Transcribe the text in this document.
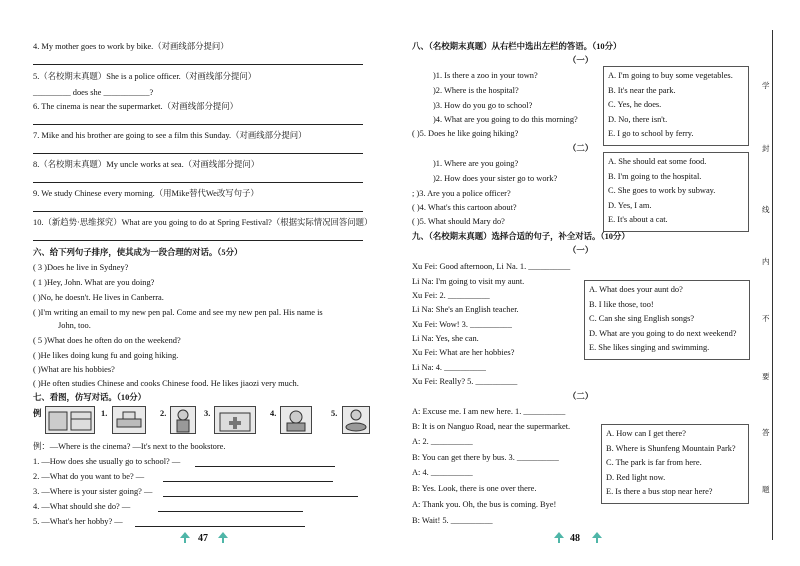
4. My mother goes to work by bike.（对画线部分提问）
5.（名校期末真题）She is a police officer.（对画线部分提问）
_________ does she ___________?
6. The cinema is near the supermarket.（对画线部分提问）
7. Mike and his brother are going to see a film this Sunday.（对画线部分提问）
8.（名校期末真题）My uncle works at sea.（对画线部分提问）
9. We study Chinese every morning.（用Mike替代We改写句子）
10.（新趋势·思维探究）What are you going to do at Spring Festival?（根据实际情况回答问题）
六、给下列句子排序，使其成为一段合理的对话。（5分）
( 3 )Does he live in Sydney?
( 1 )Hey, John. What are you doing?
( )No, he doesn't. He lives in Canberra.
( )I'm writing an email to my new pen pal. Come and see my new pen pal. His name is
John, too.
( 5 )What does he often do on the weekend?
( )He likes doing kung fu and going hiking.
( )What are his hobbies?
( )He often studies Chinese and cooks Chinese food. He likes jiaozi very much.
七、看图，仿写对话。（10分）
例	1.	2.	3.	4.	5.
例：—Where is the cinema? —It's next to the bookstore.
1. —How does she usually go to school? —
2. —What do you want to be? —
3. —Where is your sister going? —
4. —What should she do? —
5. —What's her hobby? —
47
八、（名校期末真题）从右栏中选出左栏的答语。（10分）
（一）
)1. Is there a zoo in your town?
)2. Where is the hospital?
)3. How do you go to school?
)4. What are you going to do this morning?
( )5. Does he like going hiking?
A. I'm going to buy some vegetables.
B. It's near the park.
C. Yes, he does.
D. No, there isn't.
E. I go to school by ferry.
（二）
)1. Where are you going?
)2. How does your sister go to work?
; )3. Are you a police officer?
( )4. What's this cartoon about?
( )5. What should Mary do?
A. She should eat some food.
B. I'm going to the hospital.
C. She goes to work by subway.
D. Yes, I am.
E. It's about a cat.
九、（名校期末真题）选择合适的句子，补全对话。（10分）
（一）
Xu Fei: Good afternoon, Li Na. 1. __________
Li Na: I'm going to visit my aunt.
Xu Fei: 2. __________
Li Na: She's an English teacher.
Xu Fei: Wow! 3. __________
Li Na: Yes, she can.
Xu Fei: What are her hobbies?
Li Na: 4. __________
Xu Fei: Really? 5. __________
A. What does your aunt do?
B. I like those, too!
C. Can she sing English songs?
D. What are you going to do next weekend?
E. She likes singing and swimming.
（二）
A: Excuse me. I am new here. 1. __________
B: It is on Nanguo Road, near the supermarket.
A: 2. __________
B: You can get there by bus. 3. __________
A: 4. __________
B: Yes. Look, there is one over there.
A: Thank you. Oh, the bus is coming. Bye!
B: Wait! 5. __________
A. How can I get there?
B. Where is Shunfeng Mountain Park?
C. The park is far from here.
D. Red light now.
E. Is there a bus stop near here?
48
学
封
线
内
不
要
答
题
